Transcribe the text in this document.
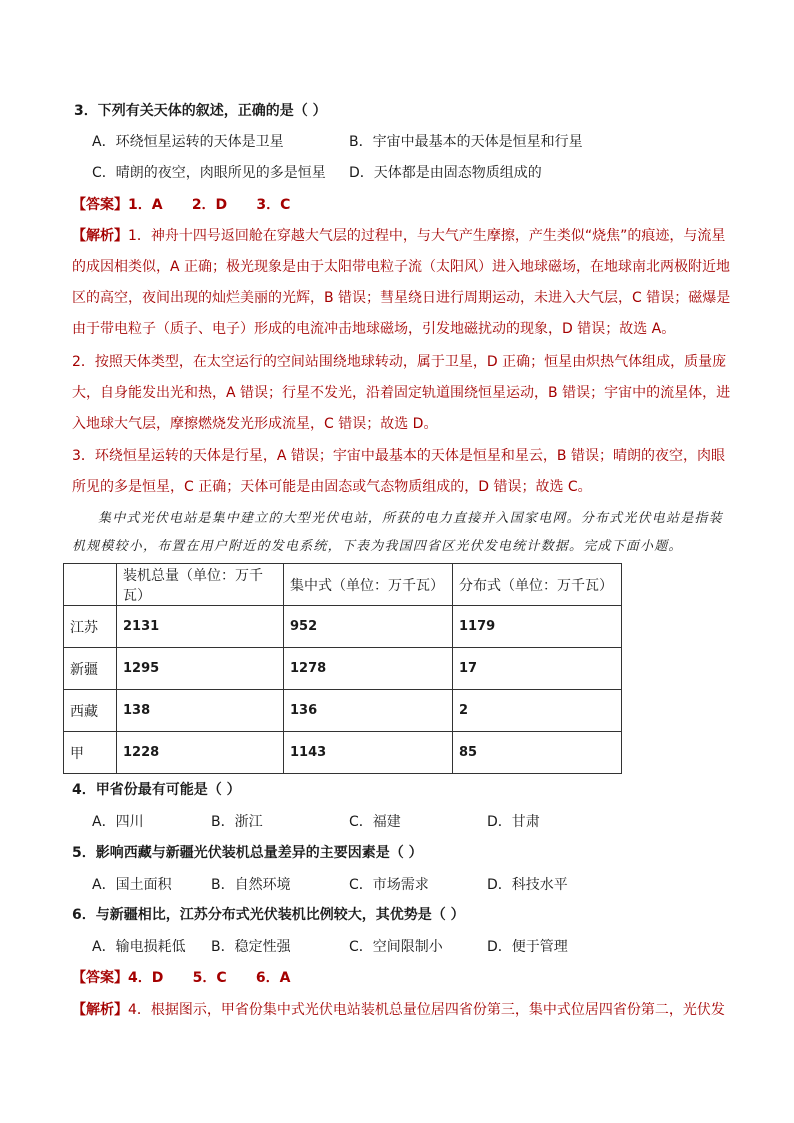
3．下列有关天体的叙述，正确的是（ ）
A．环绕恒星运转的天体是卫星	B．宇宙中最基本的天体是恒星和行星
C．晴朗的夜空，肉眼所见的多是恒星 D．天体都是由固态物质组成的
【答案】1．A      2．D      3．C
【解析】1．神舟十四号返回舱在穿越大气层的过程中，与大气产生摩擦，产生类似“烧焦”的痕迹，与流星
的成因相类似，A 正确；极光现象是由于太阳带电粒子流（太阳风）进入地球磁场，在地球南北两极附近地
区的高空，夜间出现的灿烂美丽的光辉，B 错误；彗星绕日进行周期运动，未进入大气层，C 错误；磁爆是
由于带电粒子（质子、电子）形成的电流冲击地球磁场，引发地磁扰动的现象，D 错误；故选 A。
2．按照天体类型，在太空运行的空间站围绕地球转动，属于卫星，D 正确；恒星由炽热气体组成，质量庞
大，自身能发出光和热，A 错误；行星不发光，沿着固定轨道围绕恒星运动，B 错误；宇宙中的流星体，进
入地球大气层，摩擦燃烧发光形成流星，C 错误；故选 D。
3．环绕恒星运转的天体是行星，A 错误；宇宙中最基本的天体是恒星和星云，B 错误；晴朗的夜空，肉眼
所见的多是恒星，C 正确；天体可能是由固态或气态物质组成的，D 错误；故选 C。
集中式光伏电站是集中建立的大型光伏电站，所获的电力直接并入国家电网。分布式光伏电站是指装
机规模较小，布置在用户附近的发电系统，下表为我国四省区光伏发电统计数据。完成下面小题。
	装机总量（单位：万千瓦）	集中式（单位：万千瓦）	分布式（单位：万千瓦）
江苏	2131	952	1179
新疆	1295	1278	17
西藏	138	136	2
甲	1228	1143	85
4．甲省份最有可能是（ ）
A．四川	B．浙江	C．福建	D．甘肃
5．影响西藏与新疆光伏装机总量差异的主要因素是（ ）
A．国土面积	B．自然环境	C．市场需求	D．科技水平
6．与新疆相比，江苏分布式光伏装机比例较大，其优势是（ ）
A．输电损耗低 B．稳定性强	C．空间限制小	D．便于管理
【答案】4．D      5．C      6．A
【解析】4．根据图示，甲省份集中式光伏电站装机总量位居四省份第三，集中式位居四省份第二，光伏发
